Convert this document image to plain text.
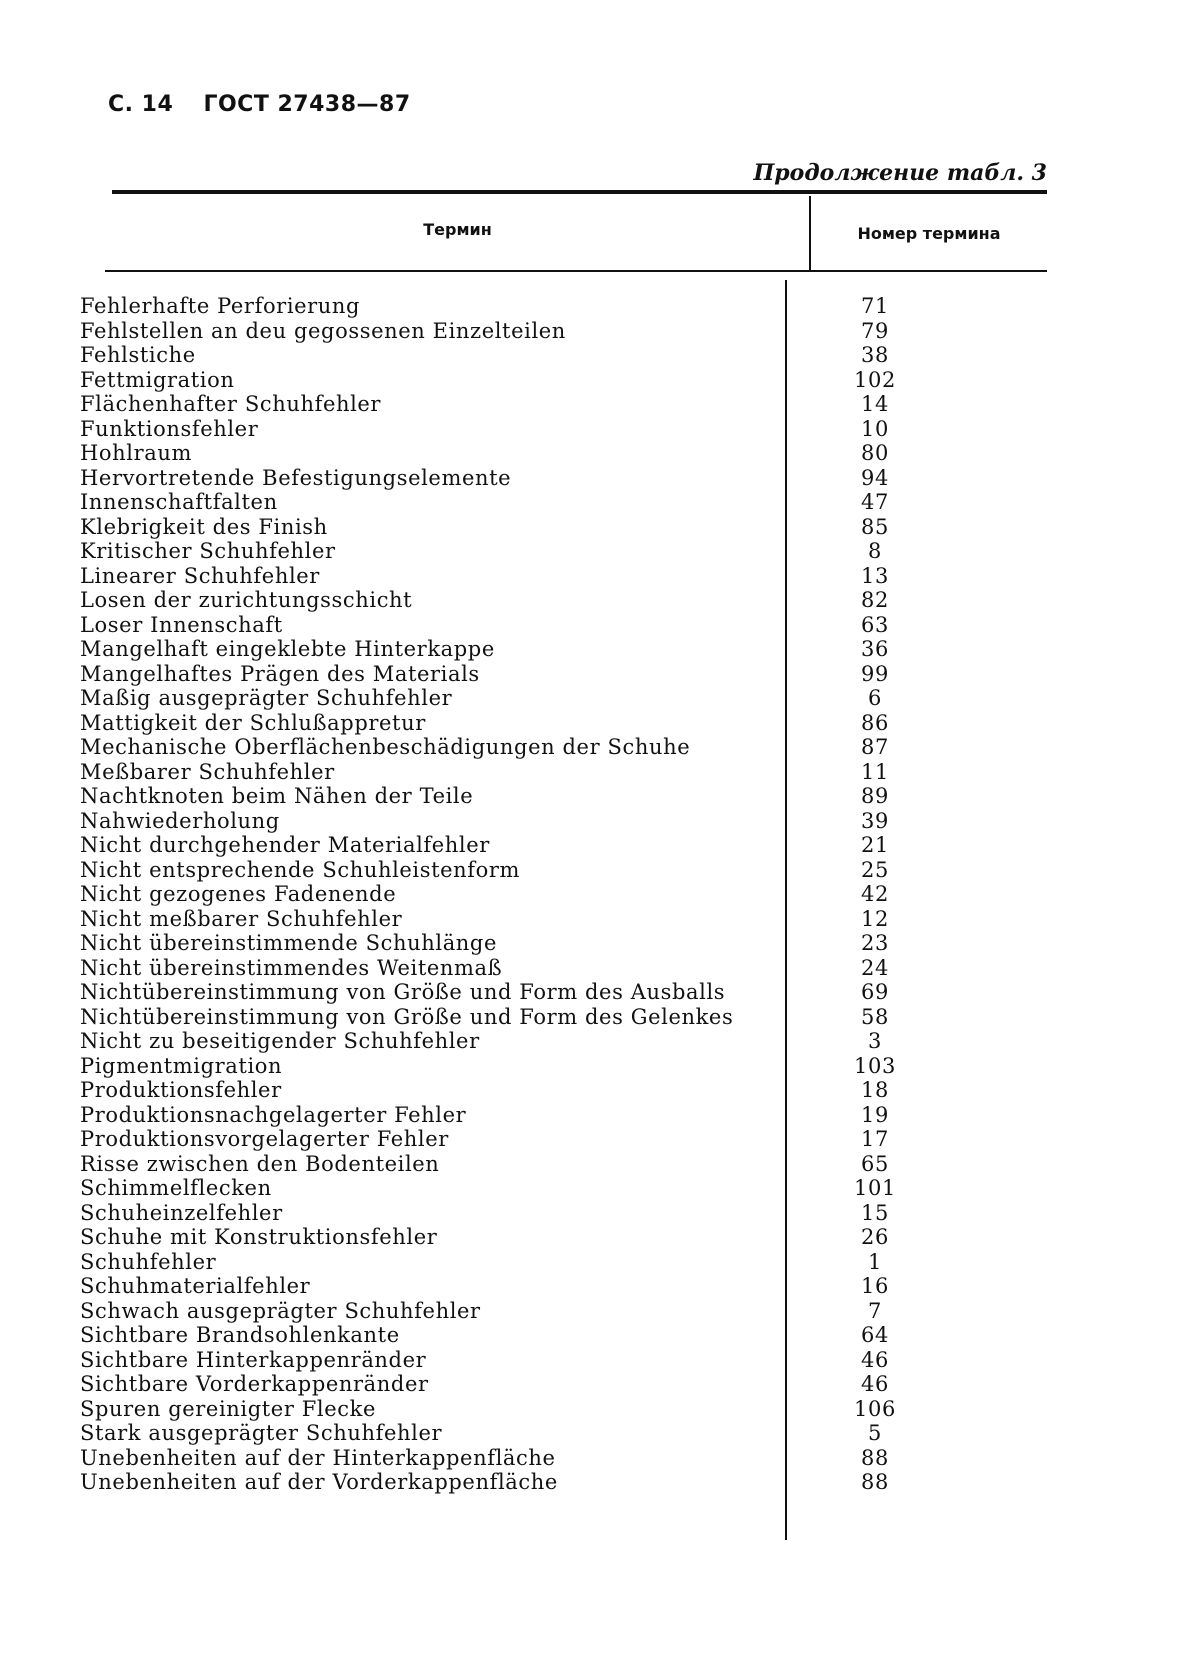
С. 14 ГОСТ 27438—87
Продолжение табл. 3
Термин	Номер термина
Fehlerhafte Perforierung	71
Fehlstellen an deu gegossenen Einzelteilen	79
Fehlstiche	38
Fettmigration	102
Flächenhafter Schuhfehler	14
Funktionsfehler	10
Hohlraum	80
Hervortretende Befestigungselemente	94
Innenschaftfalten	47
Klebrigkeit des Finish	85
Kritischer Schuhfehler	8
Linearer Schuhfehler	13
Losen der zurichtungsschicht	82
Loser Innenschaft	63
Mangelhaft eingeklebte Hinterkappe	36
Mangelhaftes Prägen des Materials	99
Maßig ausgeprägter Schuhfehler	6
Mattigkeit der Schlußappretur	86
Mechanische Oberflächenbeschädigungen der Schuhe	87
Meßbarer Schuhfehler	11
Nachtknoten beim Nähen der Teile	89
Nahwiederholung	39
Nicht durchgehender Materialfehler	21
Nicht entsprechende Schuhleistenform	25
Nicht gezogenes Fadenende	42
Nicht meßbarer Schuhfehler	12
Nicht übereinstimmende Schuhlänge	23
Nicht übereinstimmendes Weitenmaß	24
Nichtübereinstimmung von Größe und Form des Ausballs	69
Nichtübereinstimmung von Größe und Form des Gelenkes	58
Nicht zu beseitigender Schuhfehler	3
Pigmentmigration	103
Produktionsfehler	18
Produktionsnachgelagerter Fehler	19
Produktionsvorgelagerter Fehler	17
Risse zwischen den Bodenteilen	65
Schimmelflecken	101
Schuheinzelfehler	15
Schuhe mit Konstruktionsfehler	26
Schuhfehler	1
Schuhmaterialfehler	16
Schwach ausgeprägter Schuhfehler	7
Sichtbare Brandsohlenkante	64
Sichtbare Hinterkappenränder	46
Sichtbare Vorderkappenränder	46
Spuren gereinigter Flecke	106
Stark ausgeprägter Schuhfehler	5
Unebenheiten auf der Hinterkappenfläche	88
Unebenheiten auf der Vorderkappenfläche	88
